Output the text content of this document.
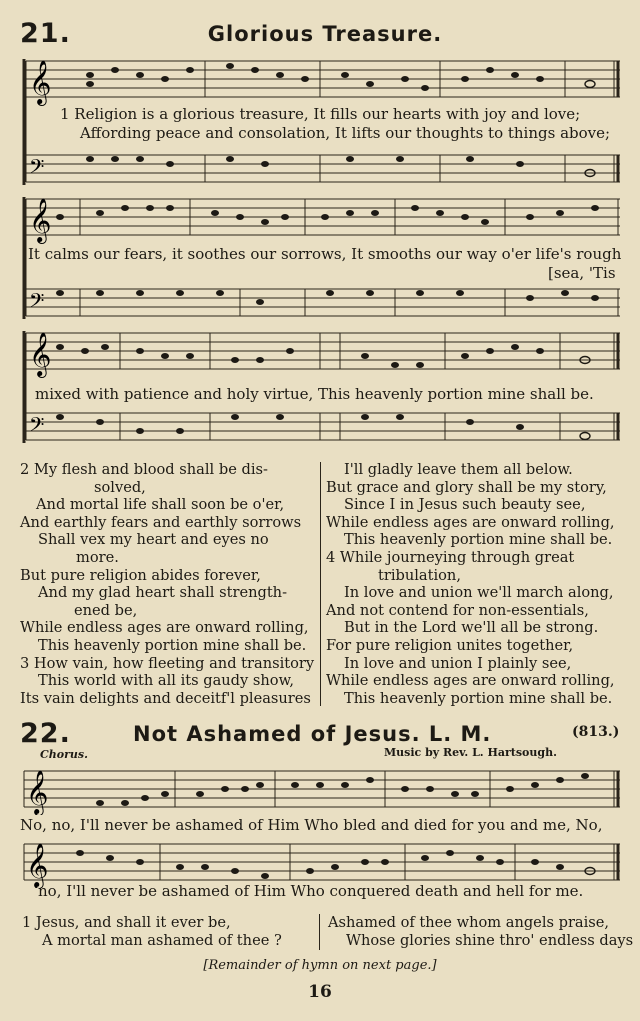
21.	Glorious Treasure.
𝄞
𝄢
1 Religion is a glorious treasure, It fills our hearts with joy and love;
Affording peace and consolation, It lifts our thoughts to things above;
𝄞
𝄢
It calms our fears, it soothes our sorrows, It smooths our way o'er life's rough
[sea, 'Tis
𝄞
𝄢
mixed with patience and holy virtue, This heavenly portion mine shall be.
2 My flesh and blood shall be dis-
solved,
And mortal life shall soon be o'er,
And earthly fears and earthly sorrows
Shall vex my heart and eyes no
more.
But pure religion abides forever,
And my glad heart shall strength-
ened be,
While endless ages are onward rolling,
This heavenly portion mine shall be.
3 How vain, how fleeting and transitory
This world with all its gaudy show,
Its vain delights and deceitf'l pleasures
I'll gladly leave them all below.
But grace and glory shall be my story,
Since I in Jesus such beauty see,
While endless ages are onward rolling,
This heavenly portion mine shall be.
4 While journeying through great
tribulation,
In love and union we'll march along,
And not contend for non-essentials,
But in the Lord we'll all be strong.
For pure religion unites together,
In love and union I plainly see,
While endless ages are onward rolling,
This heavenly portion mine shall be.
22.	Not Ashamed of Jesus. L. M.	(813.)
Chorus.	Music by Rev. L. Hartsough.
𝄞
No, no, I'll never be ashamed of Him Who bled and died for you and me, No,
𝄞
no, I'll never be ashamed of Him Who conquered death and hell for me.
1 Jesus, and shall it ever be,
A mortal man ashamed of thee ?
Ashamed of thee whom angels praise,
Whose glories shine thro' endless days
[Remainder of hymn on next page.]
16
